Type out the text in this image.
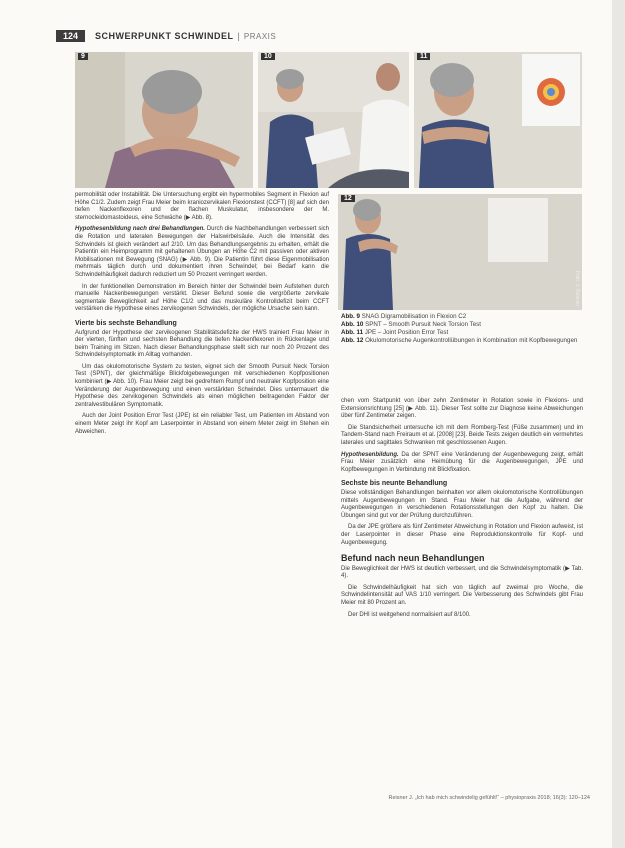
124	SCHWERPUNKT SCHWINDEL | PRAXIS
9	10	11
12
Foto: J. Reisner
Abb. 9 SNAG Digramobilisation in Flexion C2
Abb. 10 SPNT – Smooth Pursuit Neck Torsion Test
Abb. 11 JPE – Joint Position Error Test
Abb. 12 Okulomotorische Augenkontrollübungen in Kombination mit Kopfbewegungen

permobilität oder Instabilität. Die Untersuchung ergibt ein hypermobiles Segment in Flexion auf Höhe C1/2. Zudem zeigt Frau Meier beim kraniozervikalen Flexionstest (CCFT) [8] auf sich den tiefen Nackenflexoren und der flachen Muskulatur, insbesondere der M. sternocleidomastoideus, eine Schwäche (▶ Abb. 8).

Hypothesenbildung nach drei Behandlungen. Durch die Nachbehandlungen verbessert sich die Rotation und lateralen Bewegungen der Halswirbelsäule. Auch die Intensität des Schwindels ist gleich verändert auf 2/10. Um das Behandlungsergebnis zu erhalten, erhält die Patientin ein Heimprogramm mit gehaltenen Übungen an Höhe C2 mit passiven oder aktiven Mobilisationen mit Bewegung (SNAG) (▶ Abb. 9). Die Patientin führt diese Eigenmobilisation mehrmals täglich durch und dokumentiert ihren Schwindel; bei Bedarf kann die Schwindelhäufigkeit dadurch reduziert um 50 Prozent verringert werden.

In der funktionellen Demonstration im Bereich hinter der Schwindel beim Aufstehen durch manuelle Nackenbewegungen verstärkt. Dieser Befund sowie die vergrößerte zervikale segmentale Beweglichkeit auf Höhe C1/2 und das muskuläre Kontrolldefizit beim CCFT verstärken die Hypothese eines zervikogenen Schwindels, der mögliche Ursache sein kann.

Vierte bis sechste Behandlung

Aufgrund der Hypothese der zervikogenen Stabilitätsdefizite der HWS trainiert Frau Meier in der vierten, fünften und sechsten Behandlung die tiefen Nackenflexoren in Rückenlage und beim Training im Sitzen. Nach dieser Behandlungsphase stellt sich nur noch 20 Prozent des Schwindelsymptomatik im Alltag vorhanden.

Um das okulomotorische System zu testen, eignet sich der Smooth Pursuit Neck Torsion Test (SPNT), der gleichmäßige Blickfolgebewegungen mit verschiedenen Kopfpositionen kombiniert (▶ Abb. 10). Frau Meier zeigt bei gedrehtem Rumpf und neutraler Kopfposition eine Veränderung der Augenbewegung und einen verstärkten Schwindel. Dies untermauert die Hypothese des zervikogenen Schwindels als einen möglichen beitragenden Faktor der zentralvestibulären Symptomatik.

Auch der Joint Position Error Test (JPE) ist ein reliabler Test, um Patienten im Abstand von einem Meter zeigt ihr Kopf am Laserpointer in Abstand von einem Meter zeigt im Stehen ein Abweichen.

chen vom Startpunkt von über zehn Zentimeter in Rotation sowie in Flexions- und Extensionsrichtung [25] (▶ Abb. 11). Dieser Test sollte zur Diagnose keine Abweichungen über fünf Zentimeter zeigen.

Die Standsicherheit untersuche ich mit dem Romberg-Test (Füße zusammen) und im Tandem-Stand nach Freiraum et al. [2008] [23]. Beide Tests zeigen deutlich ein vermehrtes laterales und sagittales Schwanken mit geschlossenen Augen.

Hypothesenbildung. Da der SPNT eine Veränderung der Augenbewegung zeigt, erhält Frau Meier zusätzlich eine Heimübung für die Augenbewegungen, JPE und Kopfbewegungen in Verbindung mit Blickfixation.

Sechste bis neunte Behandlung

Diese vollständigen Behandlungen beinhalten vor allem okulomotorische Kontrollübungen mittels Augenbewegungen im Stand. Frau Meier hat die Aufgabe, während der Augenbewegungen in verschiedenen Rotationsstellungen den Kopf zu halten. Die Übungen sind gut vor der Prüfung durchzuführen.

Da der JPE größere als fünf Zentimeter Abweichung in Rotation und Flexion aufweist, ist der Laserpointer in dieser Phase eine Reproduktionskontrolle für Kopf- und Augenbewegung.

Befund nach neun Behandlungen

Die Beweglichkeit der HWS ist deutlich verbessert, und die Schwindelsymptomatik (▶ Tab. 4).

Die Schwindelhäufigkeit hat sich von täglich auf zweimal pro Woche, die Schwindelintensität auf VAS 1/10 verringert. Die Verbesserung des Schwindels gibt Frau Meier mit 80 Prozent an.

Der DHI ist weitgehend normalisiert auf 8/100.

Reisner J. „Ich hab mich schwindelig gefühlt!“ – physiopraxis 2018; 16(3): 120–124
